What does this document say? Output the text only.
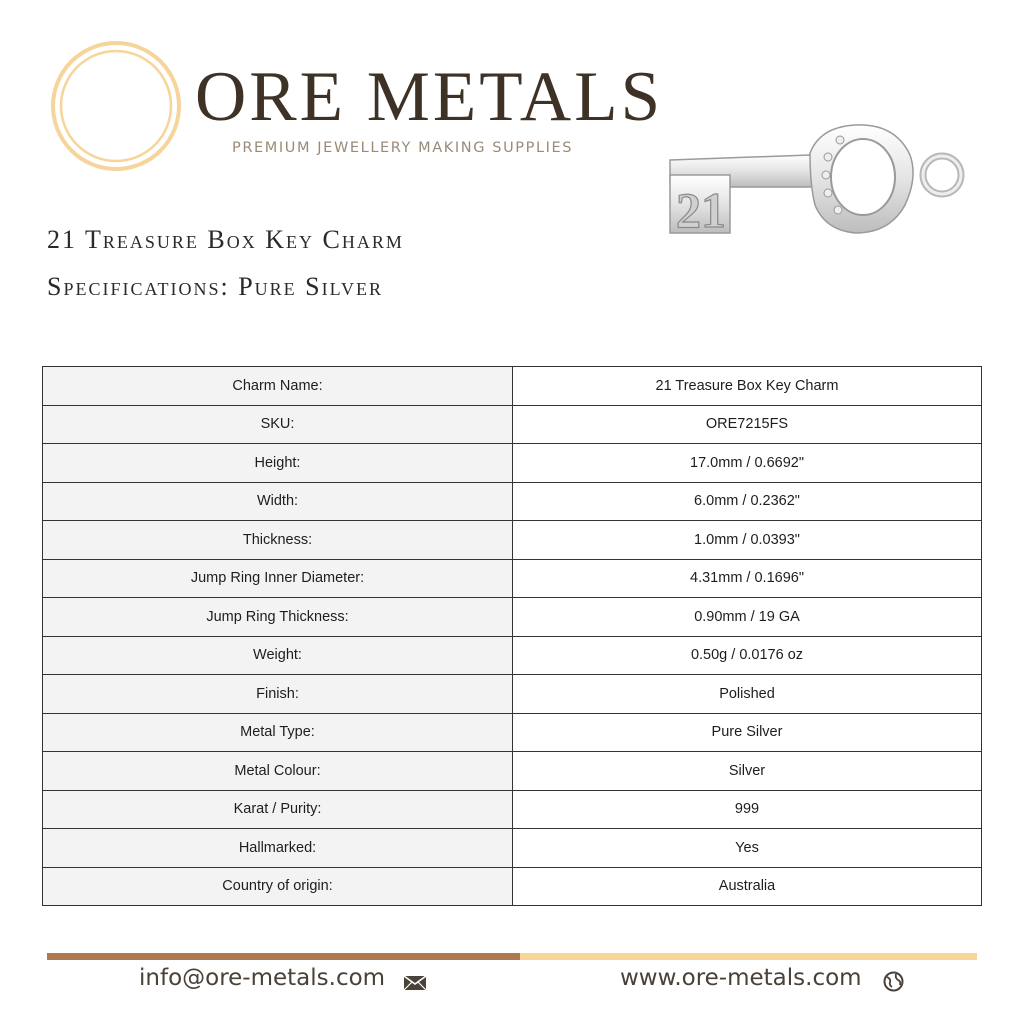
ORE METALS
PREMIUM JEWELLERY MAKING SUPPLIES
21
21 Treasure Box Key Charm
Specifications: Pure Silver
Charm Name:	21 Treasure Box Key Charm
SKU:	ORE7215FS
Height:	17.0mm / 0.6692"
Width:	6.0mm / 0.2362"
Thickness:	1.0mm / 0.0393"
Jump Ring Inner Diameter:	4.31mm / 0.1696"
Jump Ring Thickness:	0.90mm / 19 GA
Weight:	0.50g / 0.0176 oz
Finish:	Polished
Metal Type:	Pure Silver
Metal Colour:	Silver
Karat / Purity:	999
Hallmarked:	Yes
Country of origin:	Australia
info@ore-metals.com	www.ore-metals.com
